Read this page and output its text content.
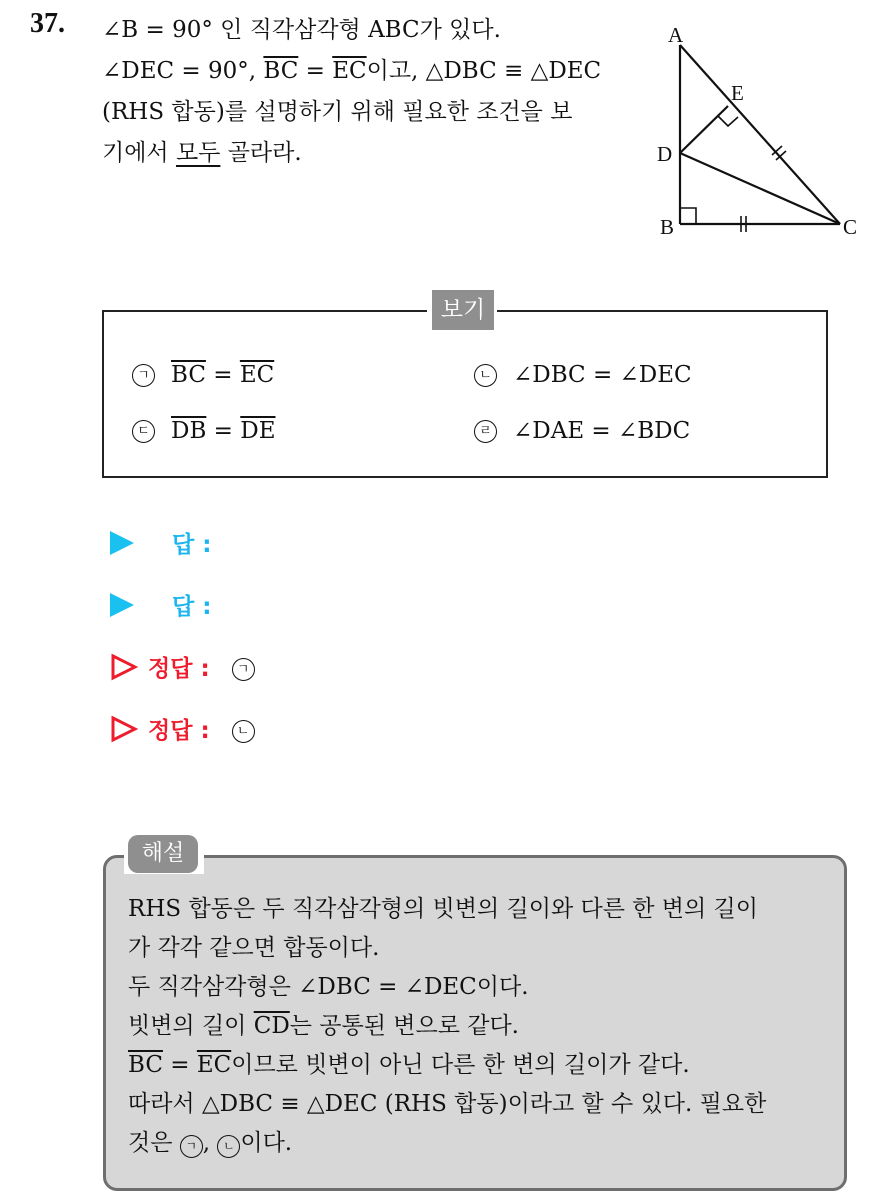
37. ∠B = 90° 인 직각삼각형 ABC가 있다.
∠DEC = 90°, $\overline{BC} = \overline{EC}$이고, △DBC ≡ △DEC
(RHS 합동)를 설명하기 위해 필요한 조건을 보
기에서 모두 골라라.
A
E
D
B	C
보기
ㄱ $\overline{BC} = \overline{EC}$	ㄴ ∠DBC = ∠DEC
ㄷ $\overline{DB} = \overline{DE}$	ㄹ ∠DAE = ∠BDC
답 :
답 :
정답 :	ㄱ
정답 :	ㄴ
해설
RHS 합동은 두 직각삼각형의 빗변의 길이와 다른 한 변의 길이
가 각각 같으면 합동이다.
두 직각삼각형은 ∠DBC = ∠DEC이다.
빗변의 길이 $\overline{CD}$는 공통된 변으로 같다.
$\overline{BC} = \overline{EC}$이므로 빗변이 아닌 다른 한 변의 길이가 같다.
따라서 △DBC ≡ △DEC (RHS 합동)이라고 할 수 있다. 필요한
것은 ㄱ , ㄴ 이다.
